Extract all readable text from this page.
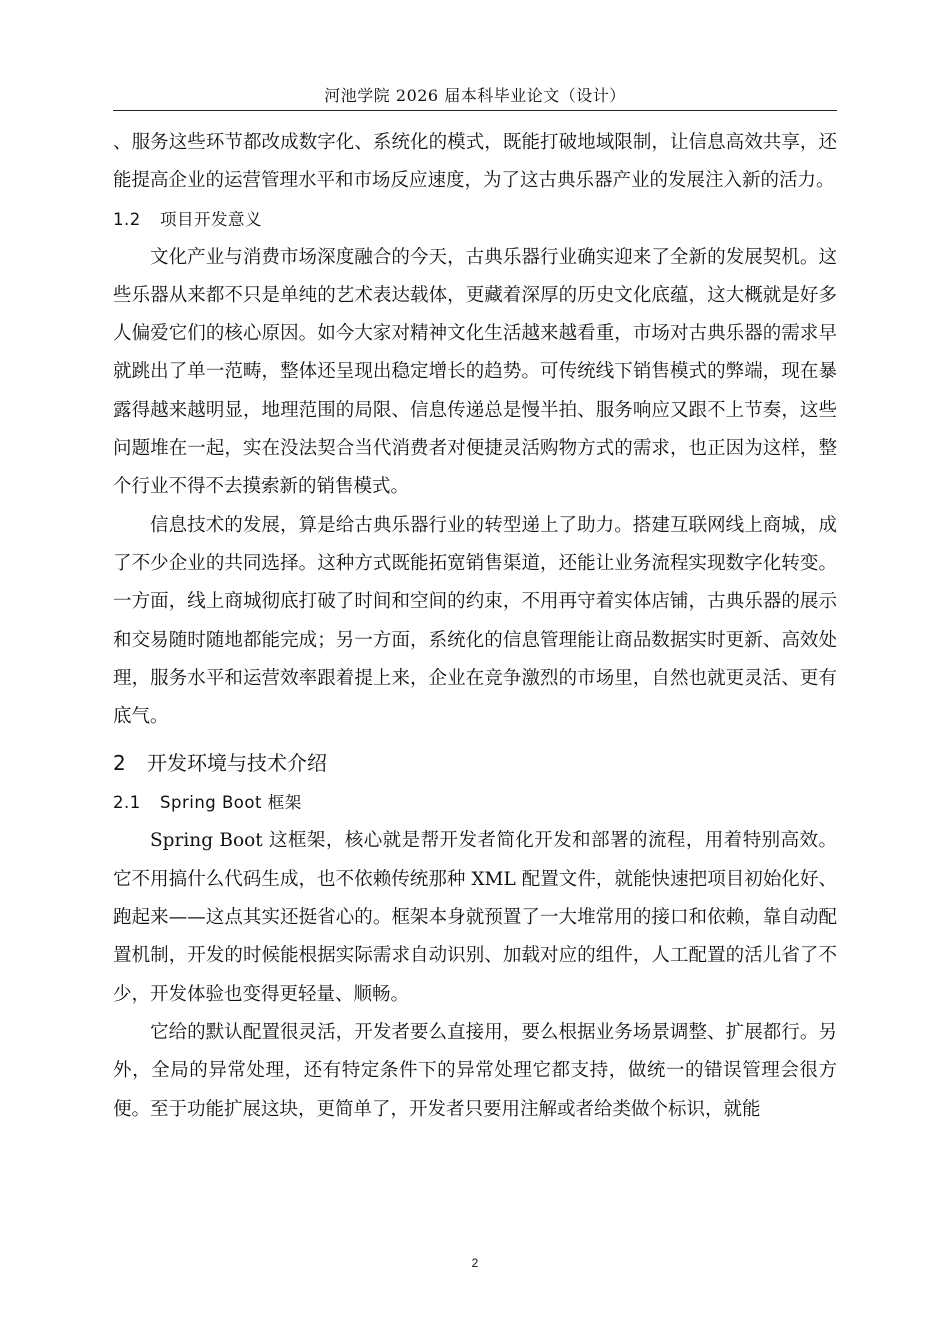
河池学院 2026 届本科毕业论文（设计）

、服务这些环节都改成数字化、系统化的模式，既能打破地域限制，让信息高效共享，还能提高企业的运营管理水平和市场反应速度，为了这古典乐器产业的发展注入新的活力。

1.2 项目开发意义

文化产业与消费市场深度融合的今天，古典乐器行业确实迎来了全新的发展契机。这些乐器从来都不只是单纯的艺术表达载体，更藏着深厚的历史文化底蕴，这大概就是好多人偏爱它们的核心原因。如今大家对精神文化生活越来越看重，市场对古典乐器的需求早就跳出了单一范畴，整体还呈现出稳定增长的趋势。可传统线下销售模式的弊端，现在暴露得越来越明显，地理范围的局限、信息传递总是慢半拍、服务响应又跟不上节奏，这些问题堆在一起，实在没法契合当代消费者对便捷灵活购物方式的需求，也正因为这样，整个行业不得不去摸索新的销售模式。

信息技术的发展，算是给古典乐器行业的转型递上了助力。搭建互联网线上商城，成了不少企业的共同选择。这种方式既能拓宽销售渠道，还能让业务流程实现数字化转变。一方面，线上商城彻底打破了时间和空间的约束，不用再守着实体店铺，古典乐器的展示和交易随时随地都能完成；另一方面，系统化的信息管理能让商品数据实时更新、高效处理，服务水平和运营效率跟着提上来，企业在竞争激烈的市场里，自然也就更灵活、更有底气。

2 开发环境与技术介绍
2.1 Spring Boot 框架

Spring Boot 这框架，核心就是帮开发者简化开发和部署的流程，用着特别高效。它不用搞什么代码生成，也不依赖传统那种 XML 配置文件，就能快速把项目初始化好、跑起来——这点其实还挺省心的。框架本身就预置了一大堆常用的接口和依赖，靠自动配置机制，开发的时候能根据实际需求自动识别、加载对应的组件，人工配置的活儿省了不少，开发体验也变得更轻量、顺畅。

它给的默认配置很灵活，开发者要么直接用，要么根据业务场景调整、扩展都行。另外，全局的异常处理，还有特定条件下的异常处理它都支持，做统一的错误管理会很方便。至于功能扩展这块，更简单了，开发者只要用注解或者给类做个标识，就能

2
